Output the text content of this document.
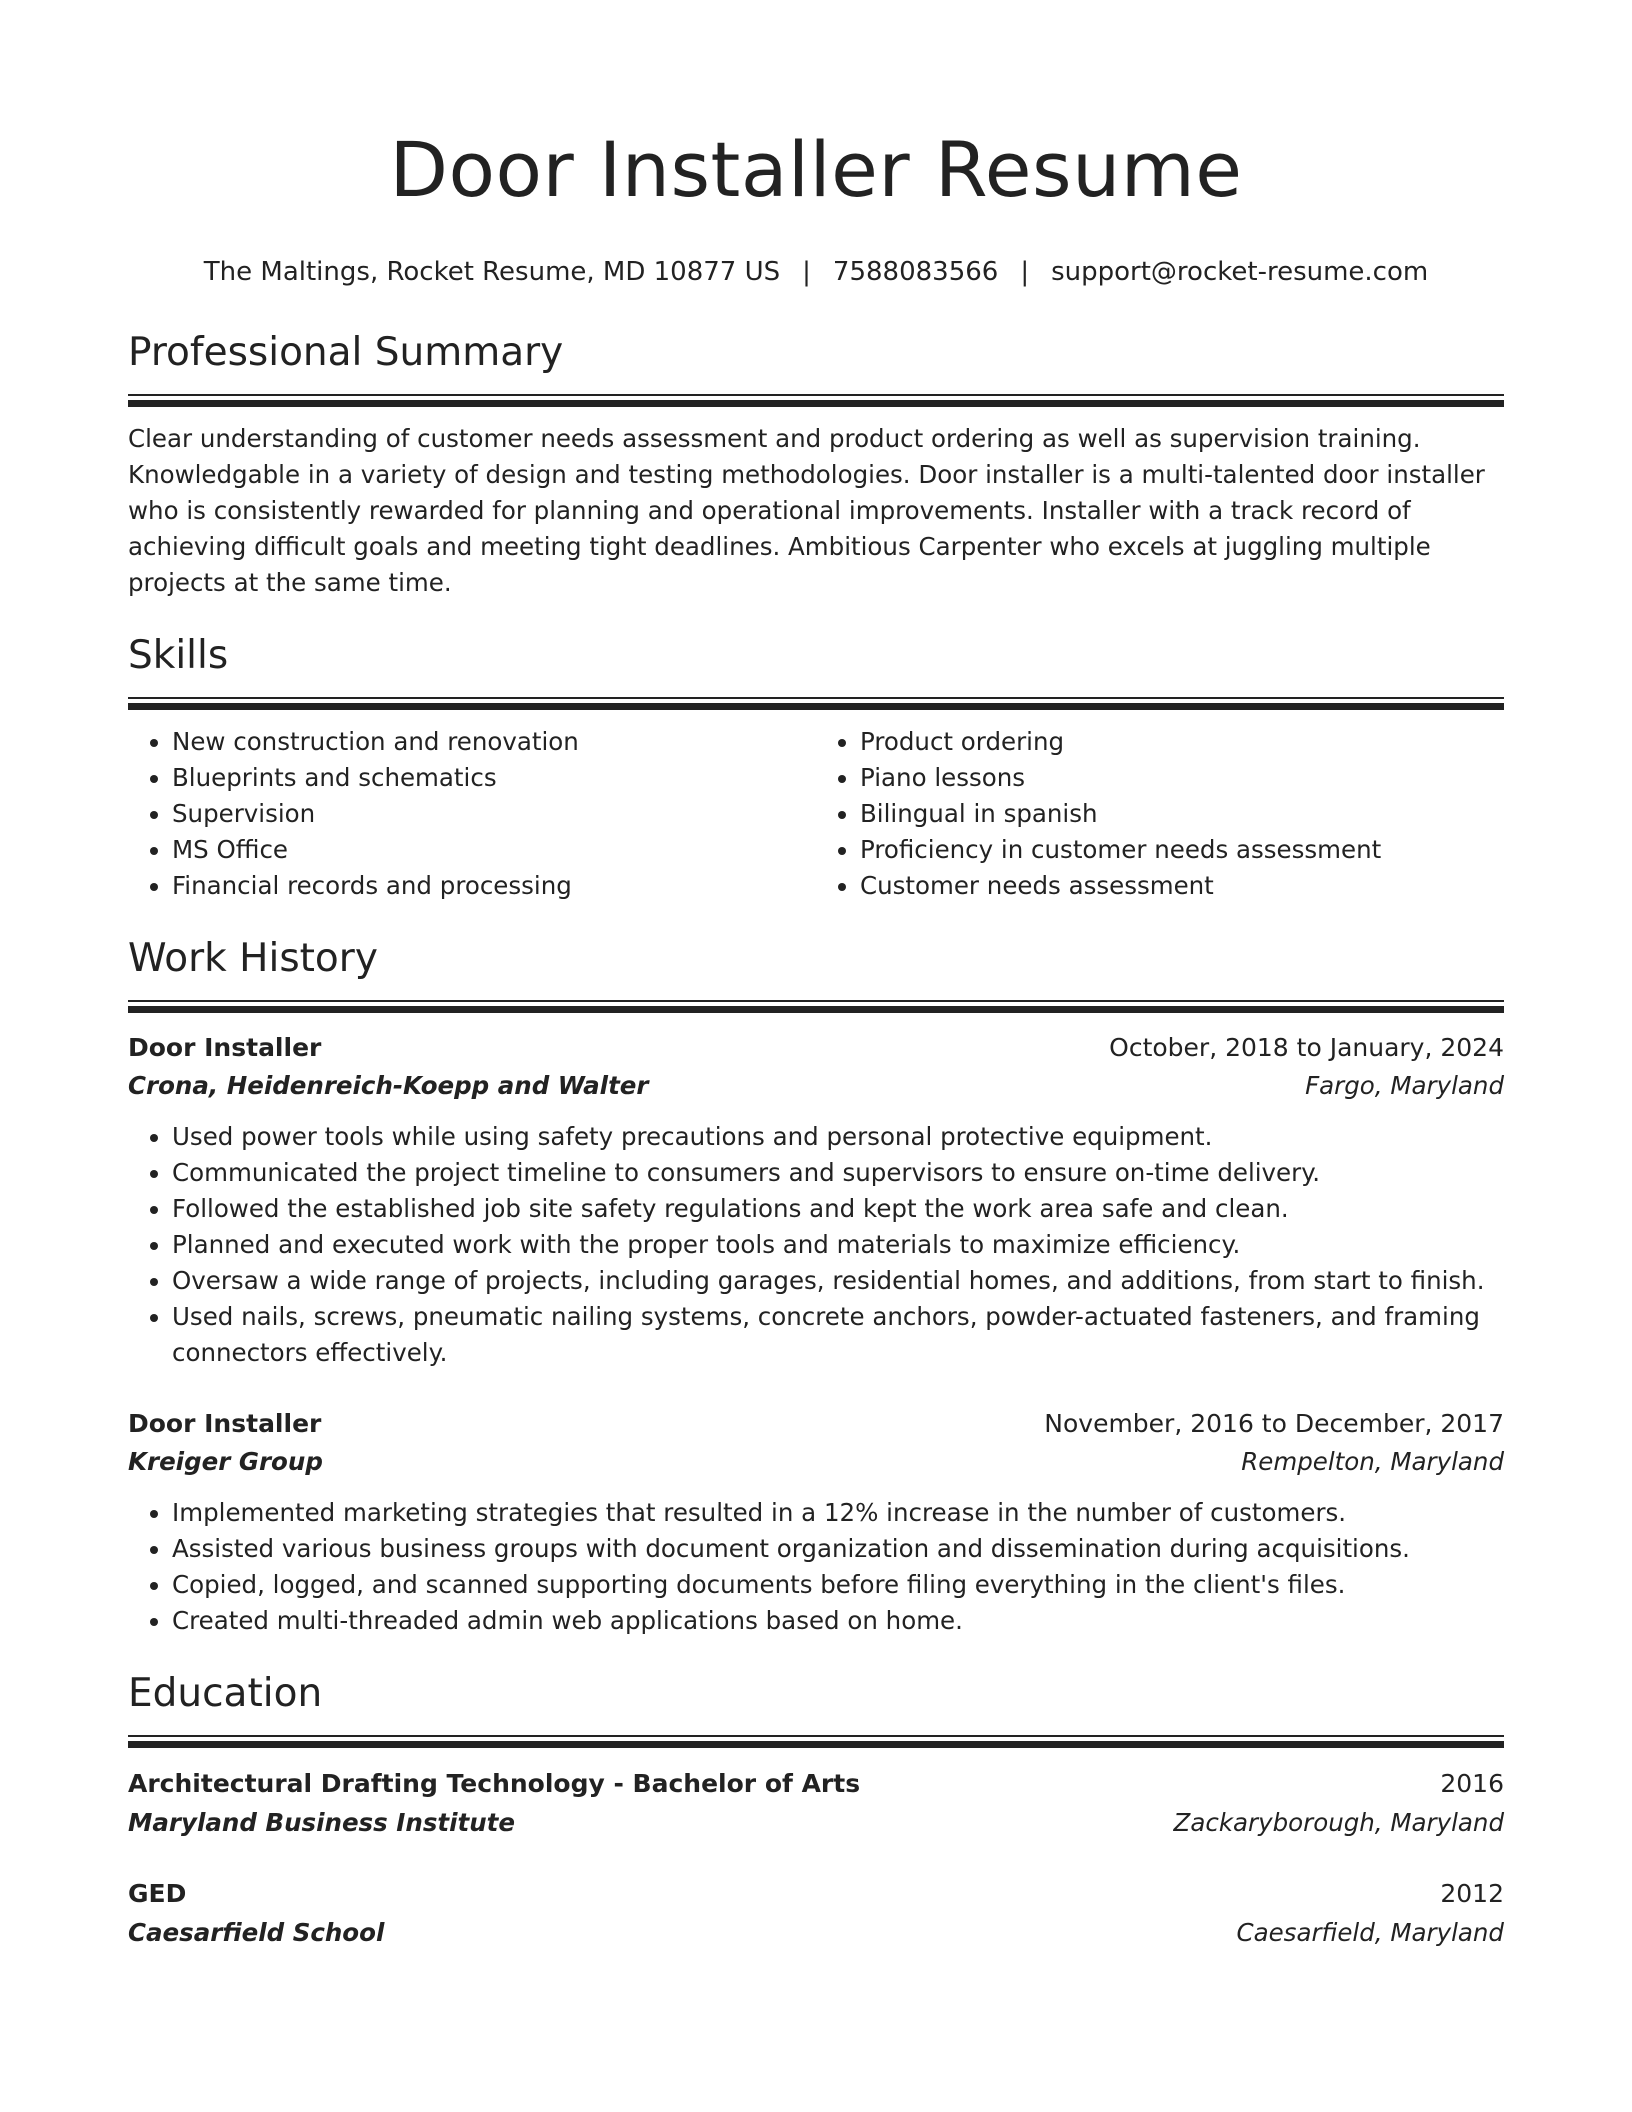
Door Installer Resume
The Maltings, Rocket Resume, MD 10877 US | 7588083566 | support@rocket-resume.com
Professional Summary
Clear understanding of customer needs assessment and product ordering as well as supervision training. Knowledgable in a variety of design and testing methodologies. Door installer is a multi-talented door installer who is consistently rewarded for planning and operational improvements. Installer with a track record of achieving difficult goals and meeting tight deadlines. Ambitious Carpenter who excels at juggling multiple projects at the same time.
Skills
• New construction and renovation
• Blueprints and schematics
• Supervision
• MS Office
• Financial records and processing
• Product ordering
• Piano lessons
• Bilingual in spanish
• Proficiency in customer needs assessment
• Customer needs assessment
Work History
Door Installer	October, 2018 to January, 2024
Crona, Heidenreich-Koepp and Walter	Fargo, Maryland
• Used power tools while using safety precautions and personal protective equipment.
• Communicated the project timeline to consumers and supervisors to ensure on-time delivery.
• Followed the established job site safety regulations and kept the work area safe and clean.
• Planned and executed work with the proper tools and materials to maximize efficiency.
• Oversaw a wide range of projects, including garages, residential homes, and additions, from start to finish.
• Used nails, screws, pneumatic nailing systems, concrete anchors, powder-actuated fasteners, and framing connectors effectively.
Door Installer	November, 2016 to December, 2017
Kreiger Group	Rempelton, Maryland
• Implemented marketing strategies that resulted in a 12% increase in the number of customers.
• Assisted various business groups with document organization and dissemination during acquisitions.
• Copied, logged, and scanned supporting documents before filing everything in the client's files.
• Created multi-threaded admin web applications based on home.
Education
Architectural Drafting Technology - Bachelor of Arts	2016
Maryland Business Institute	Zackaryborough, Maryland
GED	2012
Caesarfield School	Caesarfield, Maryland
